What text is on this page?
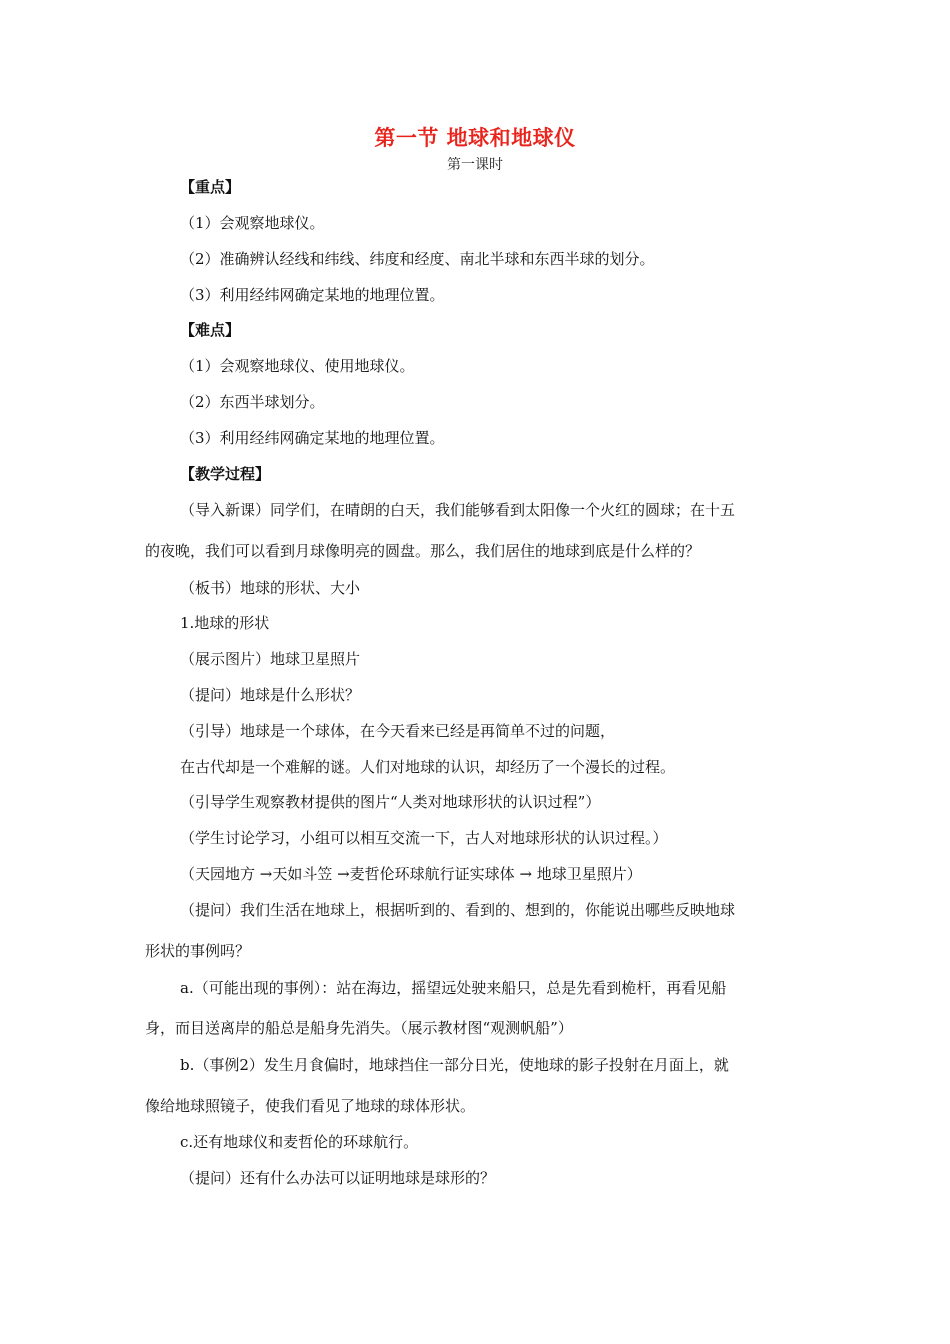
第一节 地球和地球仪
第一课时
【重点】
（1）会观察地球仪。
（2）准确辨认经线和纬线、纬度和经度、南北半球和东西半球的划分。
（3）利用经纬网确定某地的地理位置。
【难点】
（1）会观察地球仪、使用地球仪。
（2）东西半球划分。
（3）利用经纬网确定某地的地理位置。
【教学过程】
（导入新课）同学们，在晴朗的白天，我们能够看到太阳像一个火红的圆球；在十五
的夜晚，我们可以看到月球像明亮的圆盘。那么，我们居住的地球到底是什么样的？
（板书）地球的形状、大小
1.地球的形状
（展示图片）地球卫星照片
（提问）地球是什么形状？
（引导）地球是一个球体，在今天看来已经是再简单不过的问题，
在古代却是一个难解的谜。人们对地球的认识，却经历了一个漫长的过程。
（引导学生观察教材提供的图片“人类对地球形状的认识过程”）
（学生讨论学习，小组可以相互交流一下，古人对地球形状的认识过程。）
（天园地方 →天如斗笠 →麦哲伦环球航行证实球体 → 地球卫星照片）
（提问）我们生活在地球上，根据听到的、看到的、想到的，你能说出哪些反映地球
形状的事例吗？
a.（可能出现的事例）：站在海边，摇望远处驶来船只，总是先看到桅杆，再看见船
身，而目送离岸的船总是船身先消失。（展示教材图“观测帆船”）
b.（事例2）发生月食偏时，地球挡住一部分日光，使地球的影子投射在月面上，就
像给地球照镜子，使我们看见了地球的球体形状。
c.还有地球仪和麦哲伦的环球航行。
（提问）还有什么办法可以证明地球是球形的？
